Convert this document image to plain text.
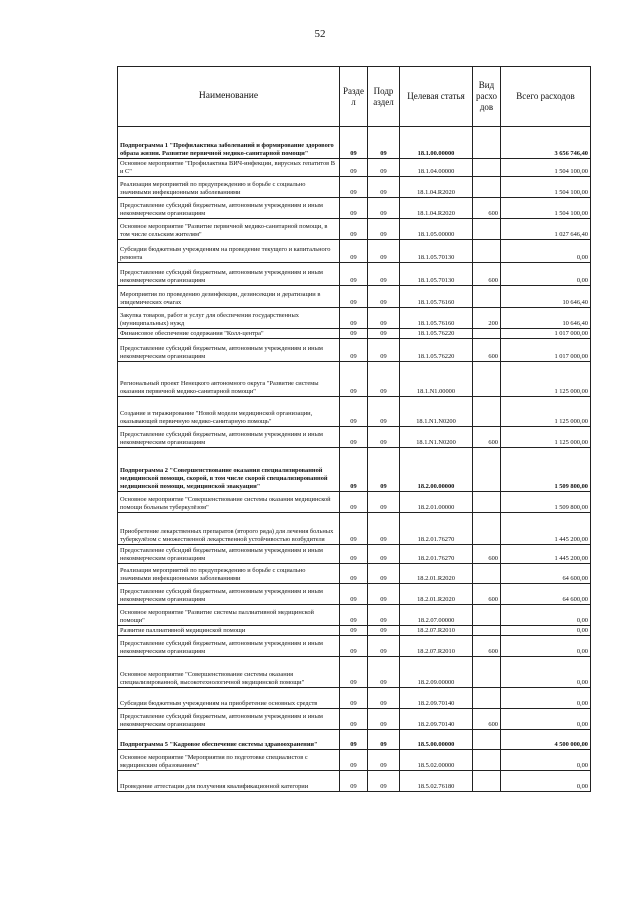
52
Наименование	Разде л	Подр аздел	Целевая статья	Вид расхо дов	Всего расходов
Подпрограмма 1 "Профилактика заболеваний и формирование здорового образа жизни. Развитие первичной медико-санитарной помощи"	09	09	18.1.00.00000		3 656 746,40
Основное мероприятие "Профилактика ВИЧ-инфекции, вирусных гепатитов В и С"	09	09	18.1.04.00000		1 504 100,00
Реализация мероприятий по предупреждению и борьбе с социально значимыми инфекционными заболеваниями	09	09	18.1.04.R2020		1 504 100,00
Предоставление субсидий бюджетным, автономным учреждениям и иным некоммерческим организациям	09	09	18.1.04.R2020	600	1 504 100,00
Основное мероприятие "Развитие первичной медико-санитарной помощи, в том числе сельским жителям"	09	09	18.1.05.00000		1 027 646,40
Субсидии бюджетным учреждениям на проведение текущего и капитального ремонта	09	09	18.1.05.70130		0,00
Предоставление субсидий бюджетным, автономным учреждениям и иным некоммерческим организациям	09	09	18.1.05.70130	600	0,00
Мероприятия по проведению дезинфекции, дезинсекции и дератизации в эпидемических очагах	09	09	18.1.05.76160		10 646,40
Закупка товаров, работ и услуг для обеспечения государственных (муниципальных) нужд	09	09	18.1.05.76160	200	10 646,40
Финансовое обеспечение содержания "Колл-центра"	09	09	18.1.05.76220		1 017 000,00
Предоставление субсидий бюджетным, автономным учреждениям и иным некоммерческим организациям	09	09	18.1.05.76220	600	1 017 000,00
Региональный проект Ненецкого автономного округа "Развитие системы оказания первичной медико-санитарной помощи"	09	09	18.1.N1.00000		1 125 000,00
Создание и тиражирование "Новой модели медицинской организации, оказывающей первичную медико-санитарную помощь"	09	09	18.1.N1.N0200		1 125 000,00
Предоставление субсидий бюджетным, автономным учреждениям и иным некоммерческим организациям	09	09	18.1.N1.N0200	600	1 125 000,00
Подпрограмма 2 "Совершенствование оказания специализированной медицинской помощи, скорой, в том числе скорой специализированной медицинской помощи, медицинской эвакуации"	09	09	18.2.00.00000		1 509 800,00
Основное мероприятие "Совершенствование системы оказания медицинской помощи больным туберкулёзом"	09	09	18.2.01.00000		1 509 800,00
Приобретение лекарственных препаратов (второго ряда) для лечения больных туберкулёзом с множественной лекарственной устойчивостью возбудителя	09	09	18.2.01.76270		1 445 200,00
Предоставление субсидий бюджетным, автономным учреждениям и иным некоммерческим организациям	09	09	18.2.01.76270	600	1 445 200,00
Реализация мероприятий по предупреждению и борьбе с социально значимыми инфекционными заболеваниями	09	09	18.2.01.R2020		64 600,00
Предоставление субсидий бюджетным, автономным учреждениям и иным некоммерческим организациям	09	09	18.2.01.R2020	600	64 600,00
Основное мероприятие "Развитие системы паллиативной медицинской помощи"	09	09	18.2.07.00000		0,00
Развитие паллиативной медицинской помощи	09	09	18.2.07.R2010		0,00
Предоставление субсидий бюджетным, автономным учреждениям и иным некоммерческим организациям	09	09	18.2.07.R2010	600	0,00
Основное мероприятие "Совершенствование системы оказания специализированной, высокотехнологичной медицинской помощи"	09	09	18.2.09.00000		0,00
Субсидии бюджетным учреждениям на приобретение основных средств	09	09	18.2.09.70140		0,00
Предоставление субсидий бюджетным, автономным учреждениям и иным некоммерческим организациям	09	09	18.2.09.70140	600	0,00
Подпрограмма 5 "Кадровое обеспечение системы здравоохранения"	09	09	18.5.00.00000		4 500 000,00
Основное мероприятие "Мероприятия по подготовке специалистов с медицинским образованием"	09	09	18.5.02.00000		0,00
Проведение аттестации для получения квалификационной категории	09	09	18.5.02.76180		0,00
